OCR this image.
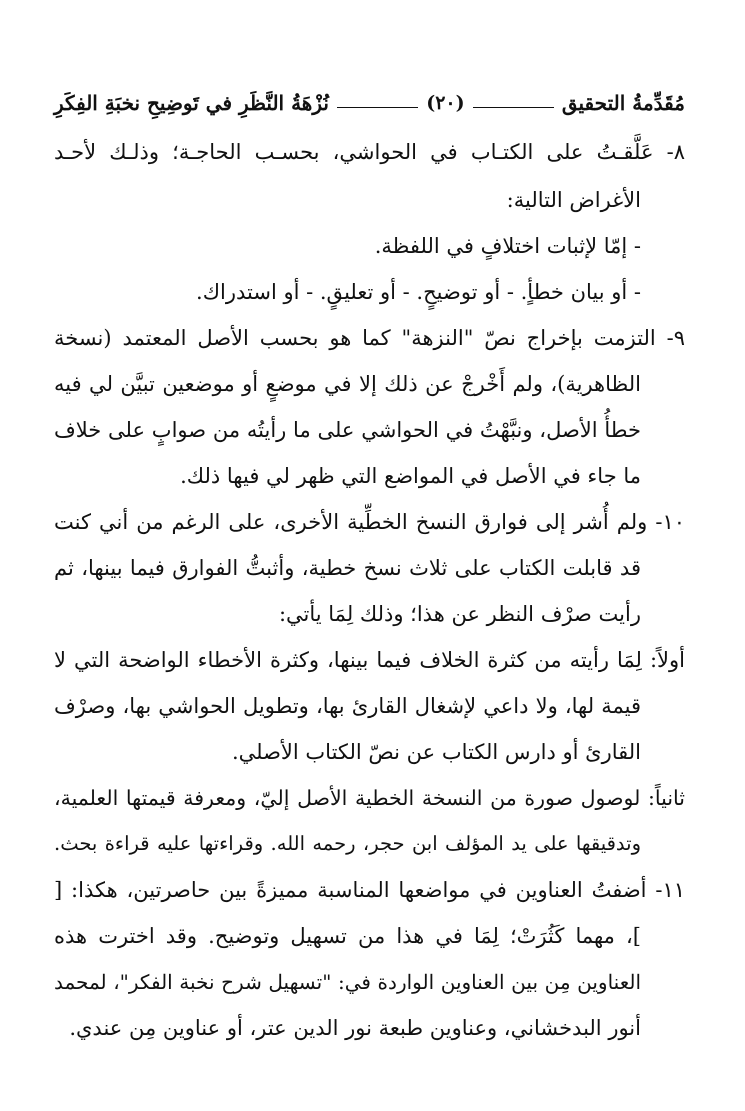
مُقَدِّمةُ التحقيق
(٢٠)
نُزْهَةُ النَّظَرِ في تَوضِيحِ نخبَةِ الفِكَرِ
٨- عَلَّقـتُ على الكتـاب في الحواشي، بحسـب الحاجـة؛ وذلـك لأحـد
الأغراض التالية:
- إمّا لإثبات اختلافٍ في اللفظة.
- أو بيان خطأٍ. - أو توضيحٍ. - أو تعليقٍ. - أو استدراك.
٩- التزمت بإخراج نصّ "النزهة" كما هو بحسب الأصل المعتمد (نسخة
الظاهرية)، ولم أَخْرجْ عن ذلك إلا في موضعٍ أو موضعين تبيَّن لي فيه
خطأُ الأصل، ونبَّهْتُ في الحواشي على ما رأيتُه من صوابٍ على خلاف
ما جاء في الأصل في المواضع التي ظهر لي فيها ذلك.
١٠- ولم أُشر إلى فوارق النسخ الخطِّية الأخرى، على الرغم من أني كنت
قد قابلت الكتاب على ثلاث نسخ خطية، وأثبتُّ الفوارق فيما بينها، ثم
رأيت صرْف النظر عن هذا؛ وذلك لِمَا يأتي:
أولاً: لِمَا رأيته من كثرة الخلاف فيما بينها، وكثرة الأخطاء الواضحة التي لا
قيمة لها، ولا داعي لإشغال القارئ بها، وتطويل الحواشي بها، وصرْف
القارئ أو دارس الكتاب عن نصّ الكتاب الأصلي.
ثانياً: لوصول صورة من النسخة الخطية الأصل إليّ، ومعرفة قيمتها العلمية،
وتدقيقها على يد المؤلف ابن حجر، رحمه الله. وقراءتها عليه قراءة بحث.
١١- أضفتُ العناوين في مواضعها المناسبة مميزةً بين حاصرتين، هكذا: [
]، مهما كَثُرَتْ؛ لِمَا في هذا من تسهيل وتوضيح. وقد اخترت هذه
العناوين مِن بين العناوين الواردة في: "تسهيل شرح نخبة الفكر"، لمحمد
أنور البدخشاني، وعناوين طبعة نور الدين عتر، أو عناوين مِن عندي.
